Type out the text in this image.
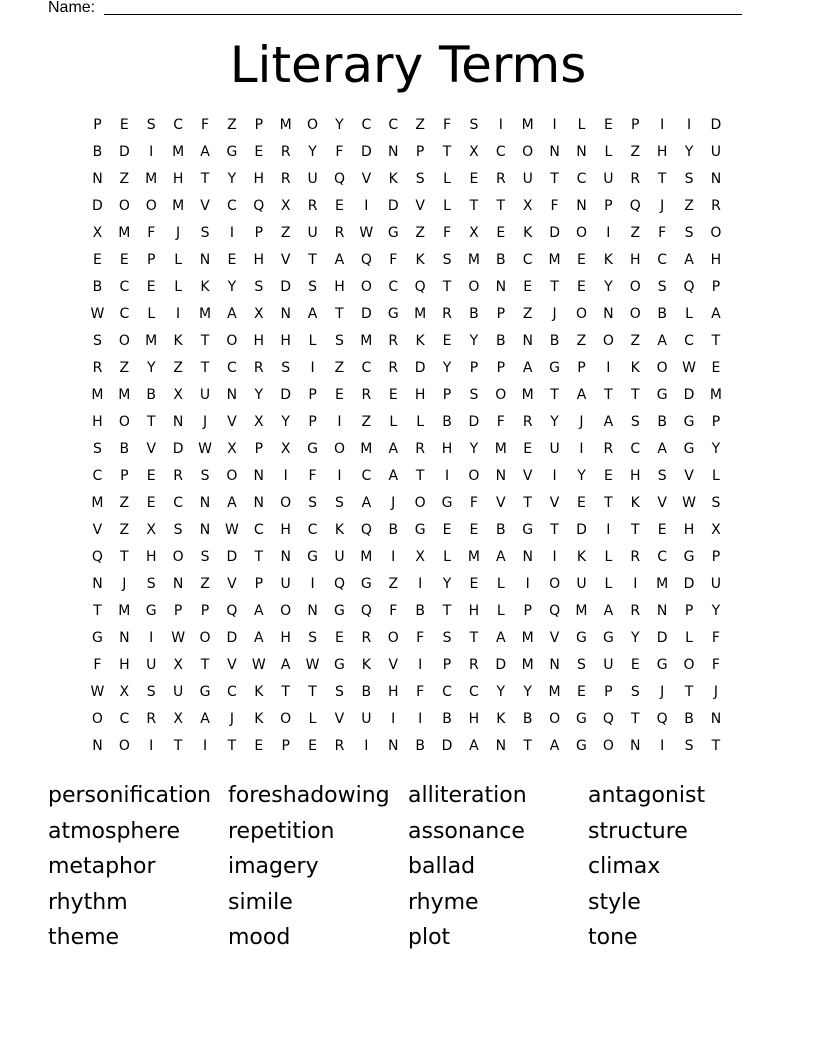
Name:
Literary Terms
P	E	S	C	F	Z	P	M	O	Y	C	C	Z	F	S	I	M	I	L	E	P	I	I	D
B	D	I	M	A	G	E	R	Y	F	D	N	P	T	X	C	O	N	N	L	Z	H	Y	U
N	Z	M	H	T	Y	H	R	U	Q	V	K	S	L	E	R	U	T	C	U	R	T	S	N
D	O	O	M	V	C	Q	X	R	E	I	D	V	L	T	T	X	F	N	P	Q	J	Z	R
X	M	F	J	S	I	P	Z	U	R	W	G	Z	F	X	E	K	D	O	I	Z	F	S	O
E	E	P	L	N	E	H	V	T	A	Q	F	K	S	M	B	C	M	E	K	H	C	A	H
B	C	E	L	K	Y	S	D	S	H	O	C	Q	T	O	N	E	T	E	Y	O	S	Q	P
W	C	L	I	M	A	X	N	A	T	D	G	M	R	B	P	Z	J	O	N	O	B	L	A
S	O	M	K	T	O	H	H	L	S	M	R	K	E	Y	B	N	B	Z	O	Z	A	C	T
R	Z	Y	Z	T	C	R	S	I	Z	C	R	D	Y	P	P	A	G	P	I	K	O	W	E
M	M	B	X	U	N	Y	D	P	E	R	E	H	P	S	O	M	T	A	T	T	G	D	M
H	O	T	N	J	V	X	Y	P	I	Z	L	L	B	D	F	R	Y	J	A	S	B	G	P
S	B	V	D	W	X	P	X	G	O	M	A	R	H	Y	M	E	U	I	R	C	A	G	Y
C	P	E	R	S	O	N	I	F	I	C	A	T	I	O	N	V	I	Y	E	H	S	V	L
M	Z	E	C	N	A	N	O	S	S	A	J	O	G	F	V	T	V	E	T	K	V	W	S
V	Z	X	S	N	W	C	H	C	K	Q	B	G	E	E	B	G	T	D	I	T	E	H	X
Q	T	H	O	S	D	T	N	G	U	M	I	X	L	M	A	N	I	K	L	R	C	G	P
N	J	S	N	Z	V	P	U	I	Q	G	Z	I	Y	E	L	I	O	U	L	I	M	D	U
T	M	G	P	P	Q	A	O	N	G	Q	F	B	T	H	L	P	Q	M	A	R	N	P	Y
G	N	I	W	O	D	A	H	S	E	R	O	F	S	T	A	M	V	G	G	Y	D	L	F
F	H	U	X	T	V	W	A	W	G	K	V	I	P	R	D	M	N	S	U	E	G	O	F
W	X	S	U	G	C	K	T	T	S	B	H	F	C	C	Y	Y	M	E	P	S	J	T	J
O	C	R	X	A	J	K	O	L	V	U	I	I	B	H	K	B	O	G	Q	T	Q	B	N
N	O	I	T	I	T	E	P	E	R	I	N	B	D	A	N	T	A	G	O	N	I	S	T
personification foreshadowing alliteration	antagonist
atmosphere	repetition	assonance	structure
metaphor	imagery	ballad	climax
rhythm	simile	rhyme	style
theme	mood	plot	tone
